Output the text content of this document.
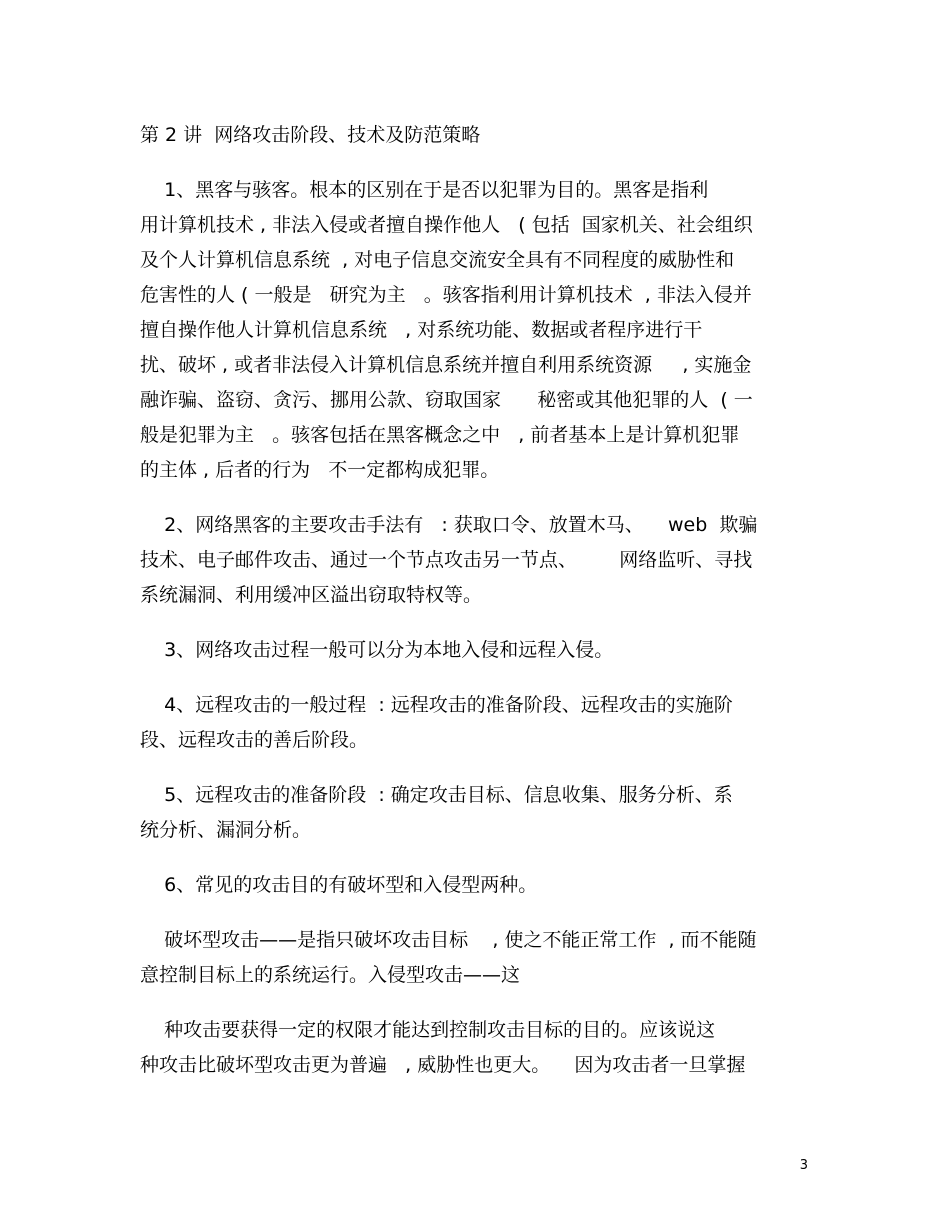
第 2 讲  网络攻击阶段、技术及防范策略
1、黑客与骇客。根本的区别在于是否以犯罪为目的。黑客是指利
用计算机技术 , 非法入侵或者擅自操作他人   ( 包括  国家机关、社会组织
及个人计算机信息系统  , 对电子信息交流安全具有不同程度的威胁性和
危害性的人 ( 一般是   研究为主   。骇客指利用计算机技术  , 非法入侵并
擅自操作他人计算机信息系统   , 对系统功能、数据或者程序进行干
扰、破坏 , 或者非法侵入计算机信息系统并擅自利用系统资源     , 实施金
融诈骗、盗窃、贪污、挪用公款、窃取国家      秘密或其他犯罪的人  ( 一
般是犯罪为主   。骇客包括在黑客概念之中   , 前者基本上是计算机犯罪
的主体 , 后者的行为   不一定都构成犯罪。
2、网络黑客的主要攻击手法有   : 获取口令、放置木马、    web  欺骗
技术、电子邮件攻击、通过一个节点攻击另一节点、       网络监听、寻找
系统漏洞、利用缓冲区溢出窃取特权等。
3、网络攻击过程一般可以分为本地入侵和远程入侵。
4、远程攻击的一般过程  : 远程攻击的准备阶段、远程攻击的实施阶
段、远程攻击的善后阶段。
5、远程攻击的准备阶段  : 确定攻击目标、信息收集、服务分析、系
统分析、漏洞分析。
6、常见的攻击目的有破坏型和入侵型两种。
破坏型攻击——是指只破坏攻击目标    , 使之不能正常工作  , 而不能随
意控制目标上的系统运行。入侵型攻击——这
种攻击要获得一定的权限才能达到控制攻击目标的目的。应该说这
种攻击比破坏型攻击更为普遍   , 威胁性也更大。    因为攻击者一旦掌握
3
